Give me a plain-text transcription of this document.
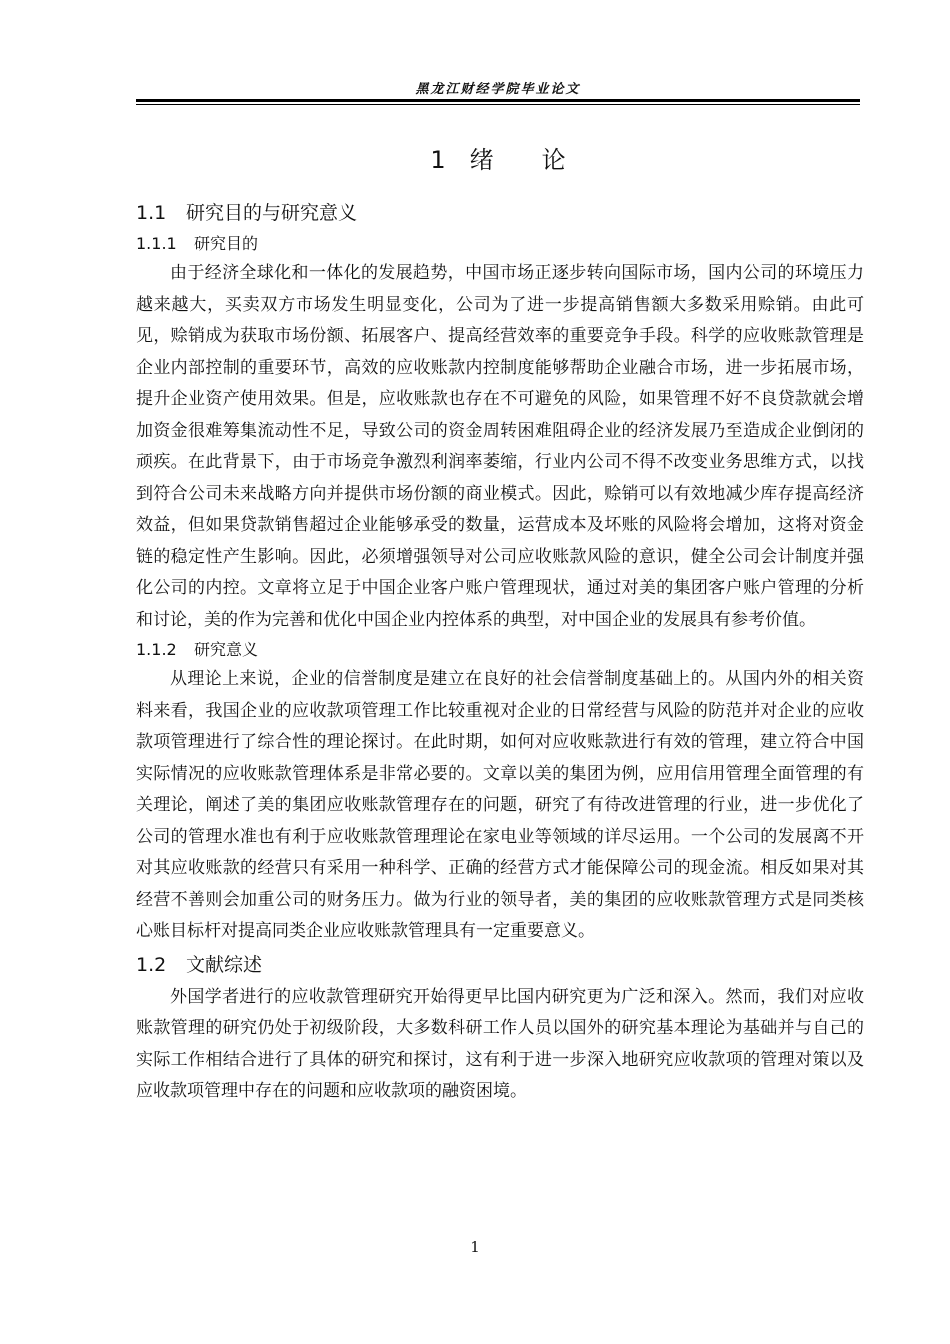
黑龙江财经学院毕业论文
1　绪　　论
1.1 研究目的与研究意义
1.1.1 研究目的

由于经济全球化和一体化的发展趋势，中国市场正逐步转向国际市场，国内公司的环境压力越来越大，买卖双方市场发生明显变化，公司为了进一步提高销售额大多数采用赊销。由此可见，赊销成为获取市场份额、拓展客户、提高经营效率的重要竞争手段。科学的应收账款管理是企业内部控制的重要环节，高效的应收账款内控制度能够帮助企业融合市场，进一步拓展市场，提升企业资产使用效果。但是，应收账款也存在不可避免的风险，如果管理不好不良贷款就会增加资金很难筹集流动性不足，导致公司的资金周转困难阻碍企业的经济发展乃至造成企业倒闭的顽疾。在此背景下，由于市场竞争激烈利润率萎缩，行业内公司不得不改变业务思维方式，以找到符合公司未来战略方向并提供市场份额的商业模式。因此，赊销可以有效地减少库存提高经济效益，但如果贷款销售超过企业能够承受的数量，运营成本及坏账的风险将会增加，这将对资金链的稳定性产生影响。因此，必须增强领导对公司应收账款风险的意识，健全公司会计制度并强化公司的内控。文章将立足于中国企业客户账户管理现状，通过对美的集团客户账户管理的分析和讨论，美的作为完善和优化中国企业内控体系的典型，对中国企业的发展具有参考价值。

1.1.2 研究意义

从理论上来说，企业的信誉制度是建立在良好的社会信誉制度基础上的。从国内外的相关资料来看，我国企业的应收款项管理工作比较重视对企业的日常经营与风险的防范并对企业的应收款项管理进行了综合性的理论探讨。在此时期，如何对应收账款进行有效的管理，建立符合中国实际情况的应收账款管理体系是非常必要的。文章以美的集团为例，应用信用管理全面管理的有关理论，阐述了美的集团应收账款管理存在的问题，研究了有待改进管理的行业，进一步优化了公司的管理水准也有利于应收账款管理理论在家电业等领域的详尽运用。一个公司的发展离不开对其应收账款的经营只有采用一种科学、正确的经营方式才能保障公司的现金流。相反如果对其经营不善则会加重公司的财务压力。做为行业的领导者，美的集团的应收账款管理方式是同类核心账目标杆对提高同类企业应收账款管理具有一定重要意义。

1.2 文献综述

外国学者进行的应收款管理研究开始得更早比国内研究更为广泛和深入。然而，我们对应收账款管理的研究仍处于初级阶段，大多数科研工作人员以国外的研究基本理论为基础并与自己的实际工作相结合进行了具体的研究和探讨，这有利于进一步深入地研究应收款项的管理对策以及应收款项管理中存在的问题和应收款项的融资困境。

1
